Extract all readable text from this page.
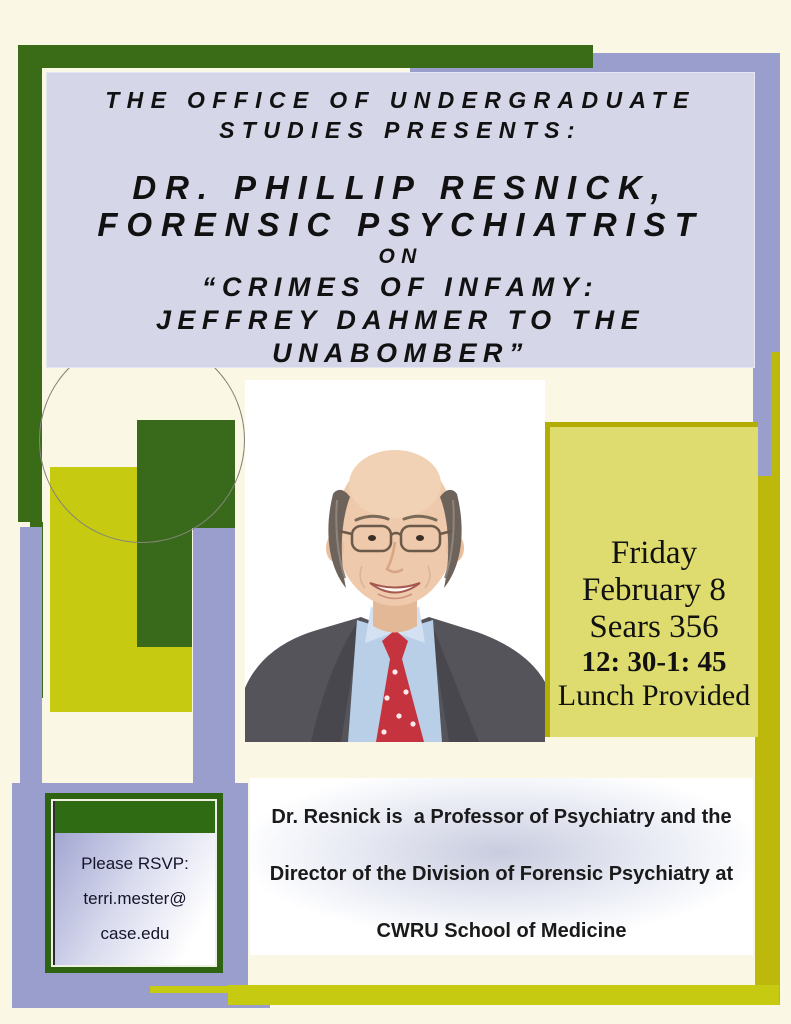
THE OFFICE OF UNDERGRADUATE
STUDIES PRESENTS:
DR. PHILLIP RESNICK,
FORENSIC PSYCHIATRIST
ON
“CRIMES OF INFAMY:
JEFFREY DAHMER TO THE
UNABOMBER”
Friday
February 8
Sears 356
12: 30-1: 45
Lunch Provided
Dr. Resnick is  a Professor of Psychiatry and the
Director of the Division of Forensic Psychiatry at
CWRU School of Medicine
Please RSVP:
terri.mester@
case.edu
